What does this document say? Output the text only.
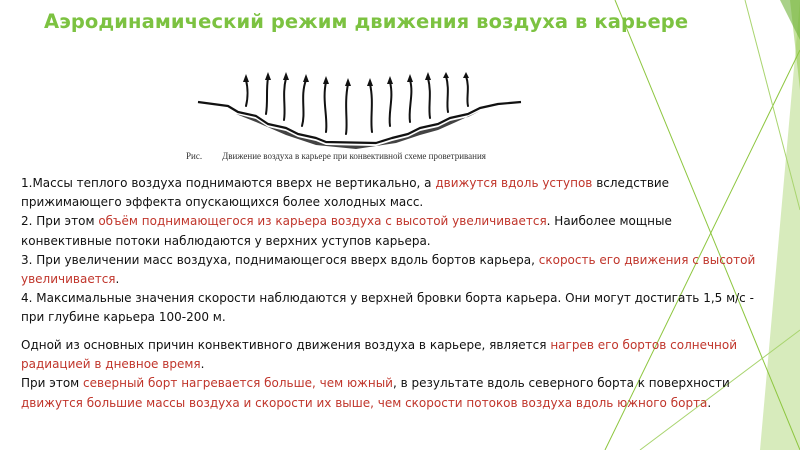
Аэродинамический режим движения воздуха в карьере
Рис. Движение воздуха в карьере при конвективной схеме проветривания

1.Массы теплого воздуха поднимаются вверх не вертикально, а движутся вдоль уступов вследствие прижимающего эффекта опускающихся более холодных масс.

2. При этом объём поднимающегося из карьера воздуха с высотой увеличивается. Наиболее мощные конвективные потоки наблюдаются у верхних уступов карьера.

3. При увеличении масс воздуха, поднимающегося вверх вдоль бортов карьера, скорость его движения с высотой увеличивается.

4. Максимальные значения скорости наблюдаются у верхней бровки борта карьера. Они могут достигать 1,5 м/с - при глубине карьера 100-200 м.

Одной из основных причин конвективного движения воздуха в карьере, является нагрев его бортов солнечной радиацией в дневное время.

При этом северный борт нагревается больше, чем южный, в результате вдоль северного борта к поверхности движутся большие массы воздуха и скорости их выше, чем скорости потоков воздуха вдоль южного борта.
